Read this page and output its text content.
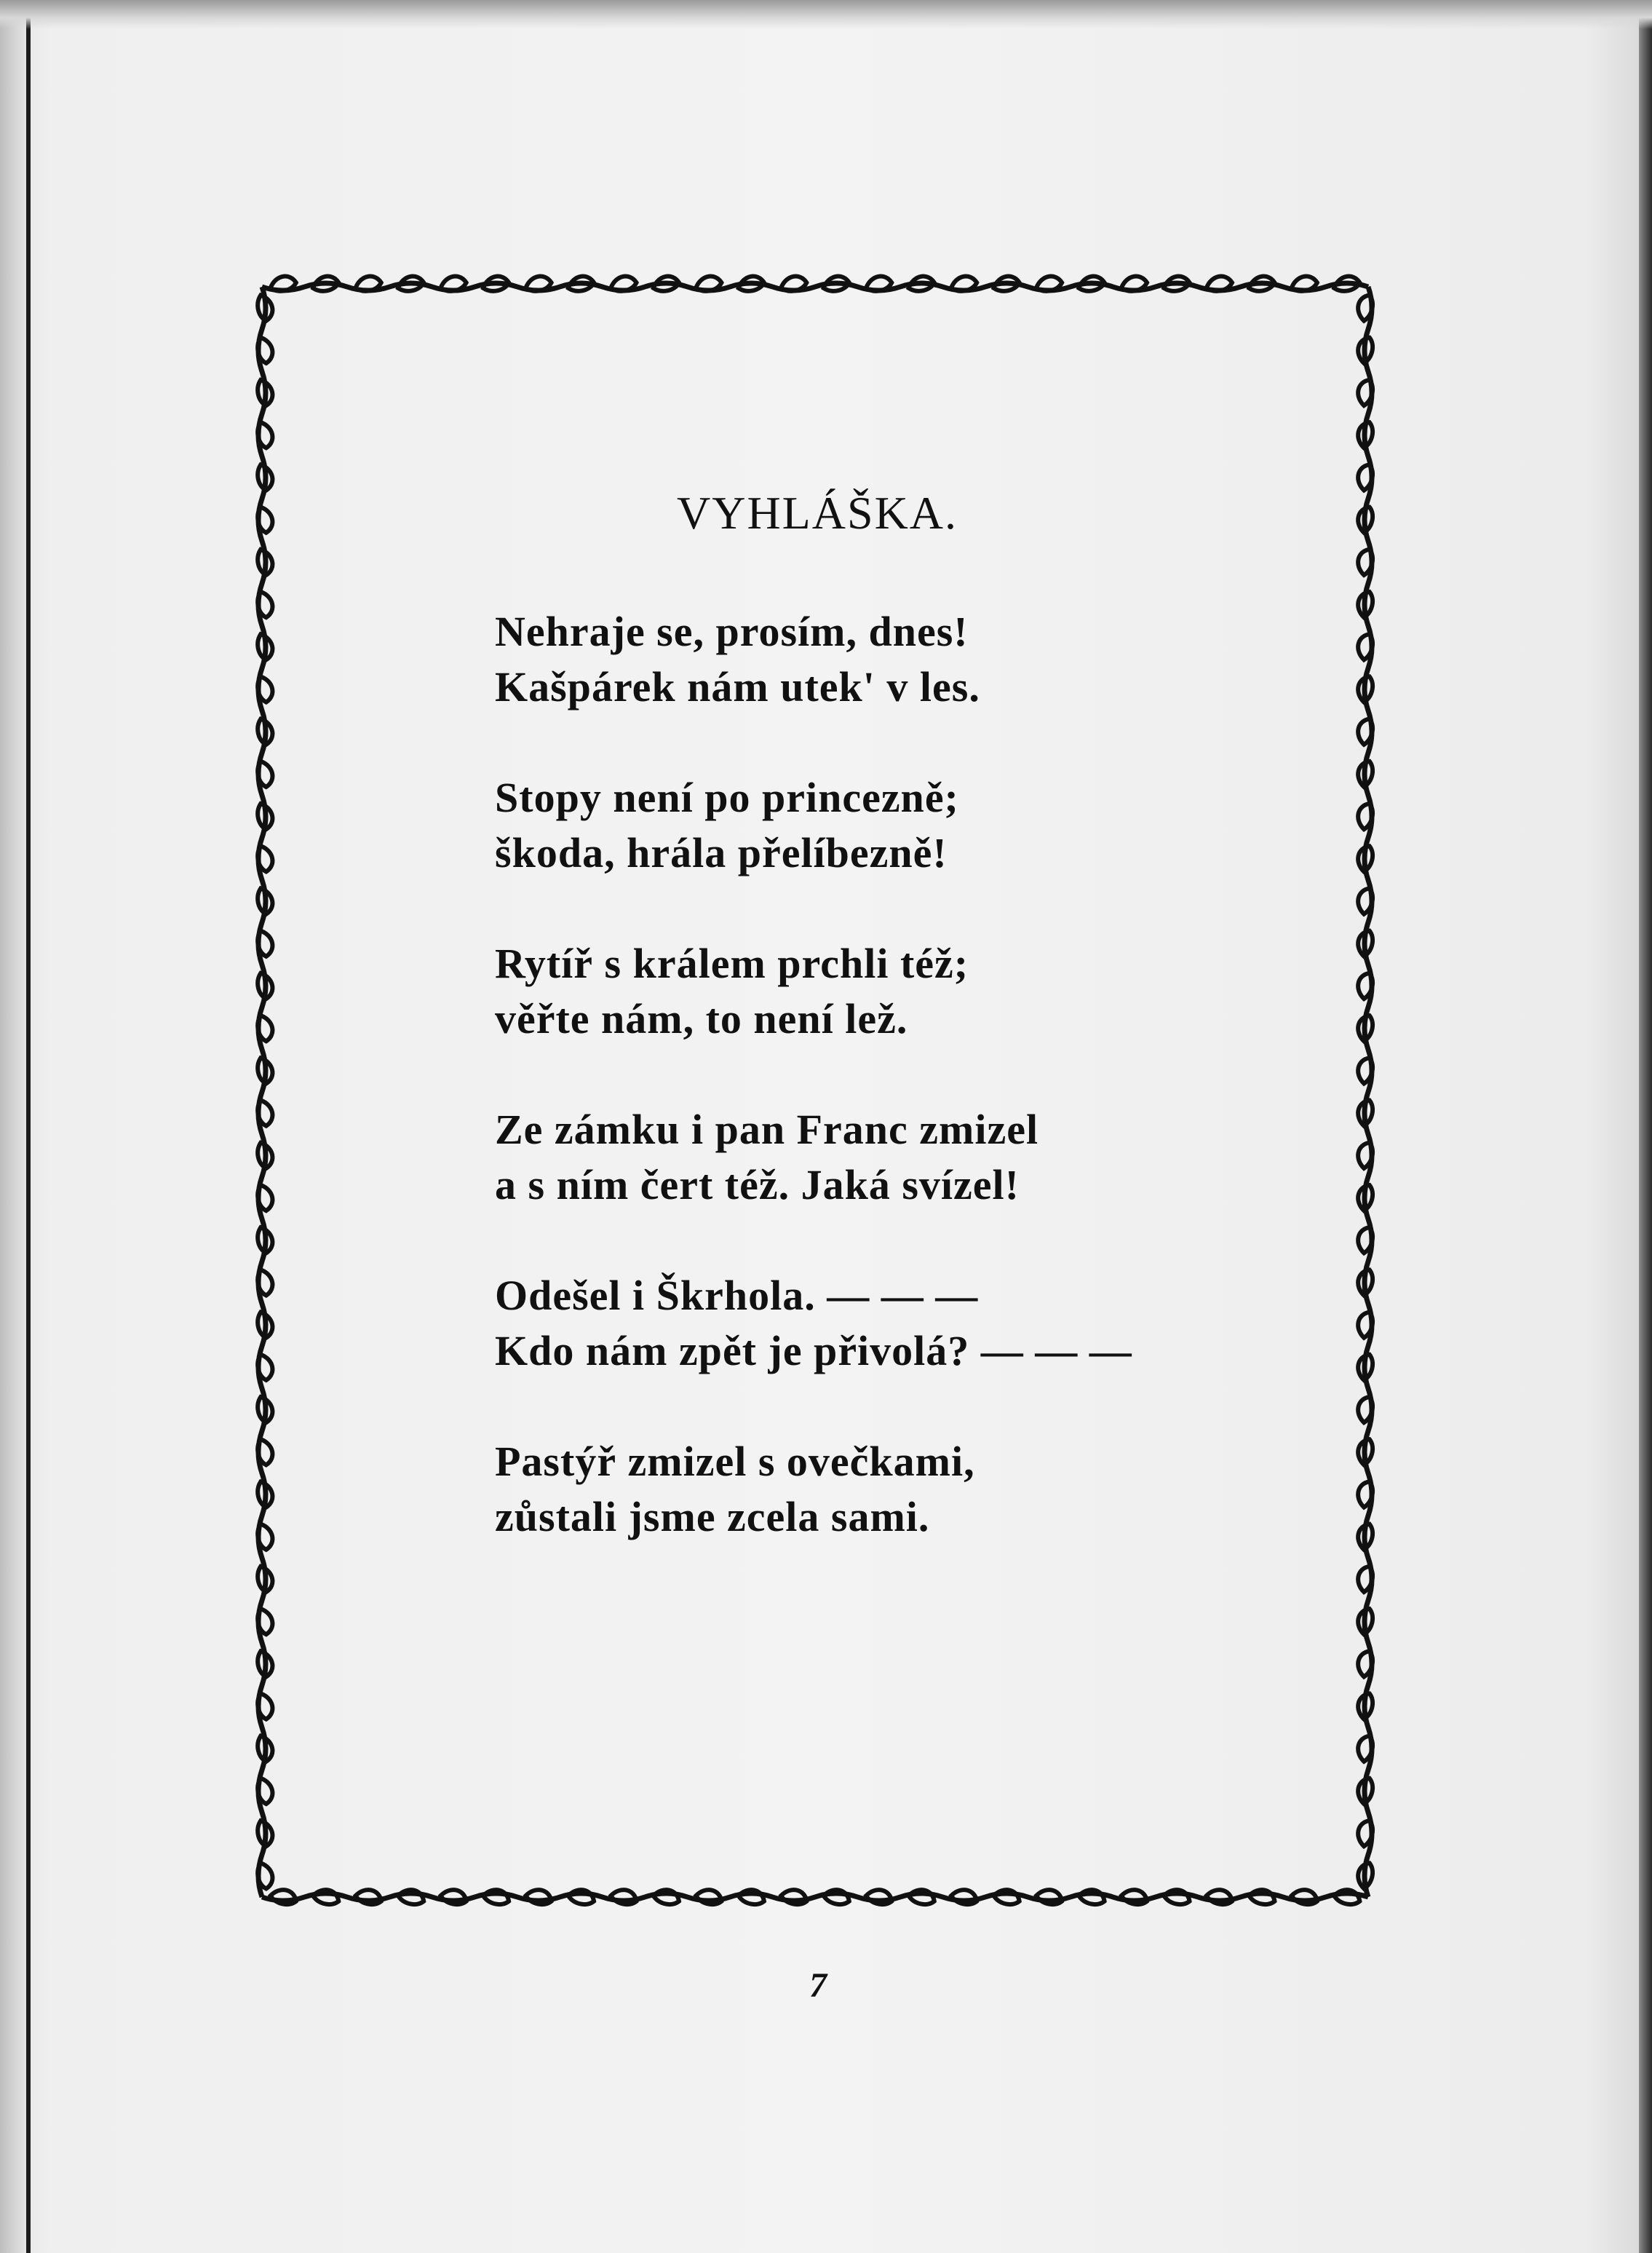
VYHLÁŠKA.
Nehraje se, prosím, dnes!
Kašpárek nám utek' v les.
Stopy není po princezně;
škoda, hrála přelíbezně!
Rytíř s králem prchli též;
věřte nám, to není lež.
Ze zámku i pan Franc zmizel
a s ním čert též. Jaká svízel!
Odešel i Škrhola. — — —
Kdo nám zpět je přivolá? — — —
Pastýř zmizel s ovečkami,
zůstali jsme zcela sami.
7
